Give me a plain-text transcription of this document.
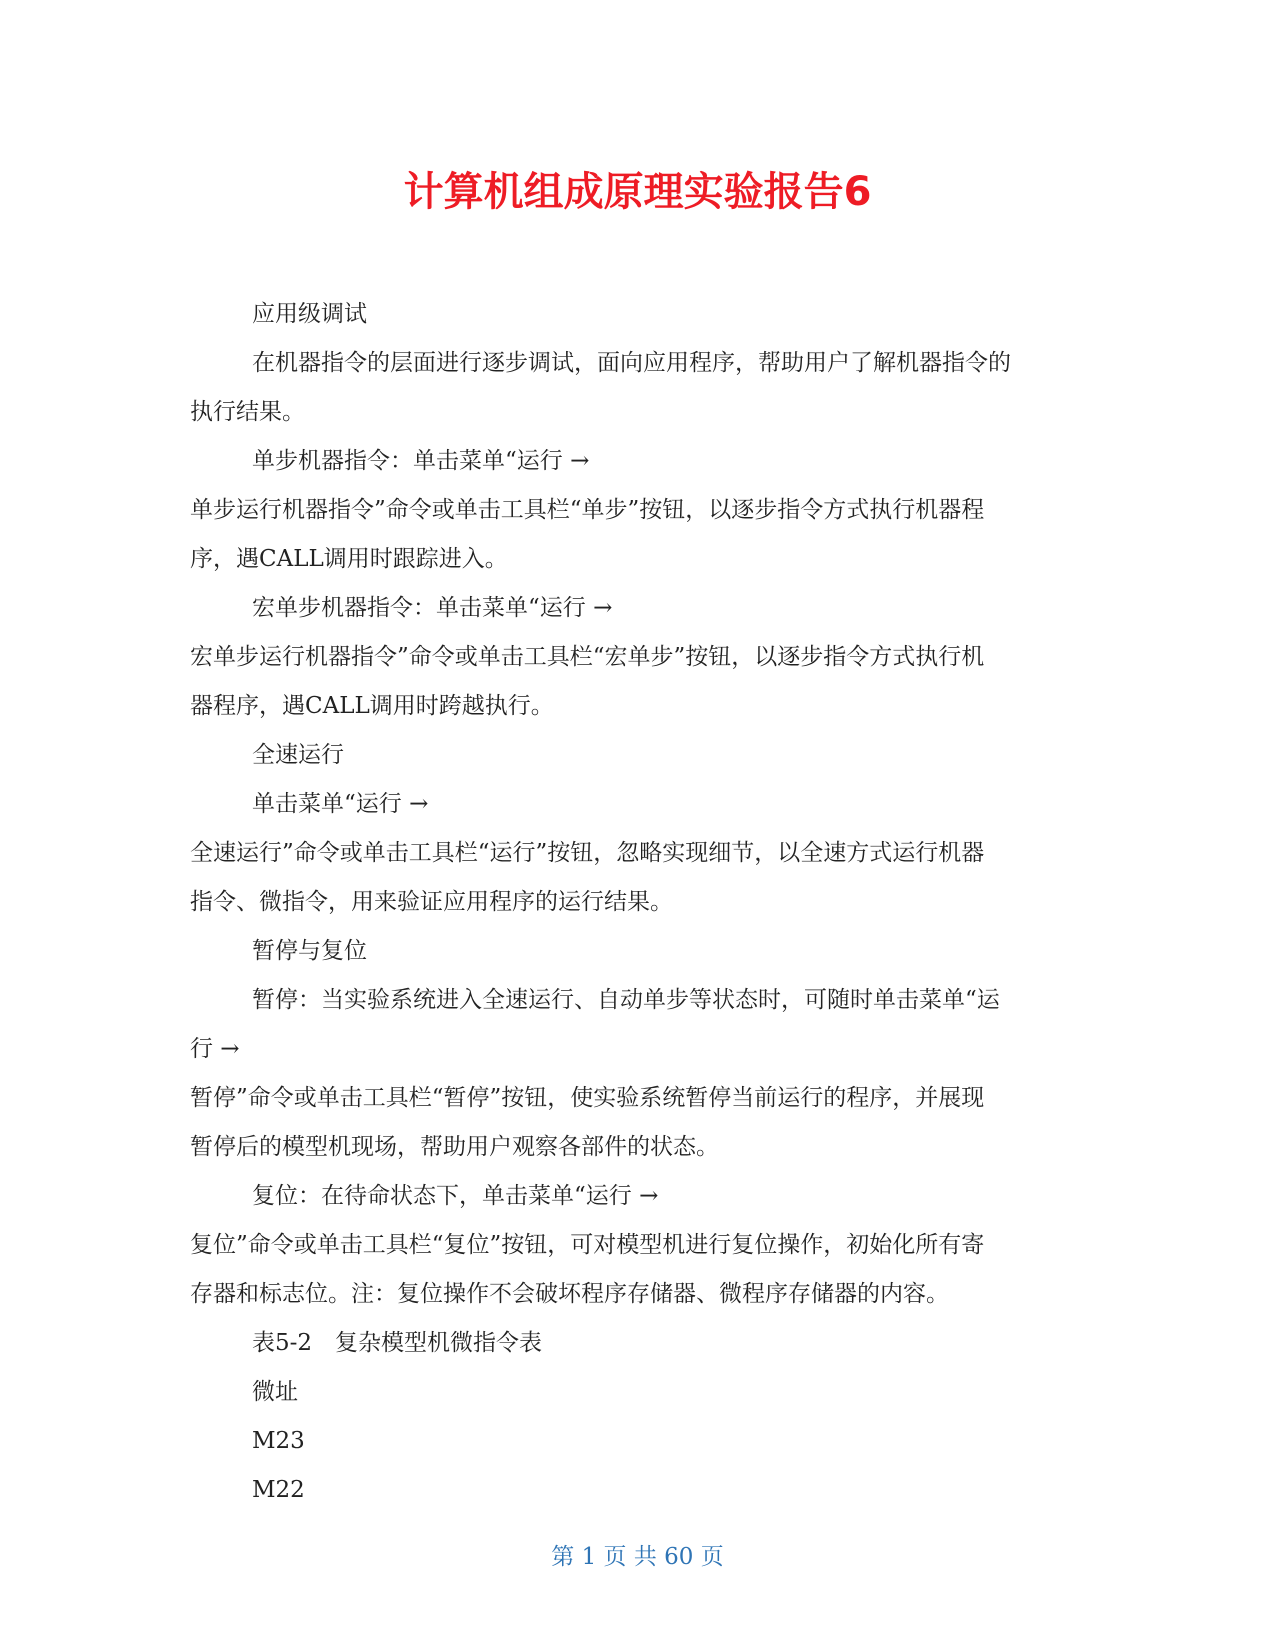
计算机组成原理实验报告6

应用级调试

在机器指令的层面进行逐步调试，面向应用程序，帮助用户了解机器指令的

执行结果。

单步机器指令：单击菜单“运行 →

单步运行机器指令”命令或单击工具栏“单步”按钮，以逐步指令方式执行机器程

序，遇CALL调用时跟踪进入。

宏单步机器指令：单击菜单“运行 →

宏单步运行机器指令”命令或单击工具栏“宏单步”按钮，以逐步指令方式执行机

器程序，遇CALL调用时跨越执行。

全速运行

单击菜单“运行 →

全速运行”命令或单击工具栏“运行”按钮，忽略实现细节，以全速方式运行机器

指令、微指令，用来验证应用程序的运行结果。

暂停与复位

暂停：当实验系统进入全速运行、自动单步等状态时，可随时单击菜单“运

行 →

暂停”命令或单击工具栏“暂停”按钮，使实验系统暂停当前运行的程序，并展现

暂停后的模型机现场，帮助用户观察各部件的状态。

复位：在待命状态下，单击菜单“运行 →

复位”命令或单击工具栏“复位”按钮，可对模型机进行复位操作，初始化所有寄

存器和标志位。注：复位操作不会破坏程序存储器、微程序存储器的内容。

表5-2　复杂模型机微指令表

微址

M23

M22

第 1 页 共 60 页
